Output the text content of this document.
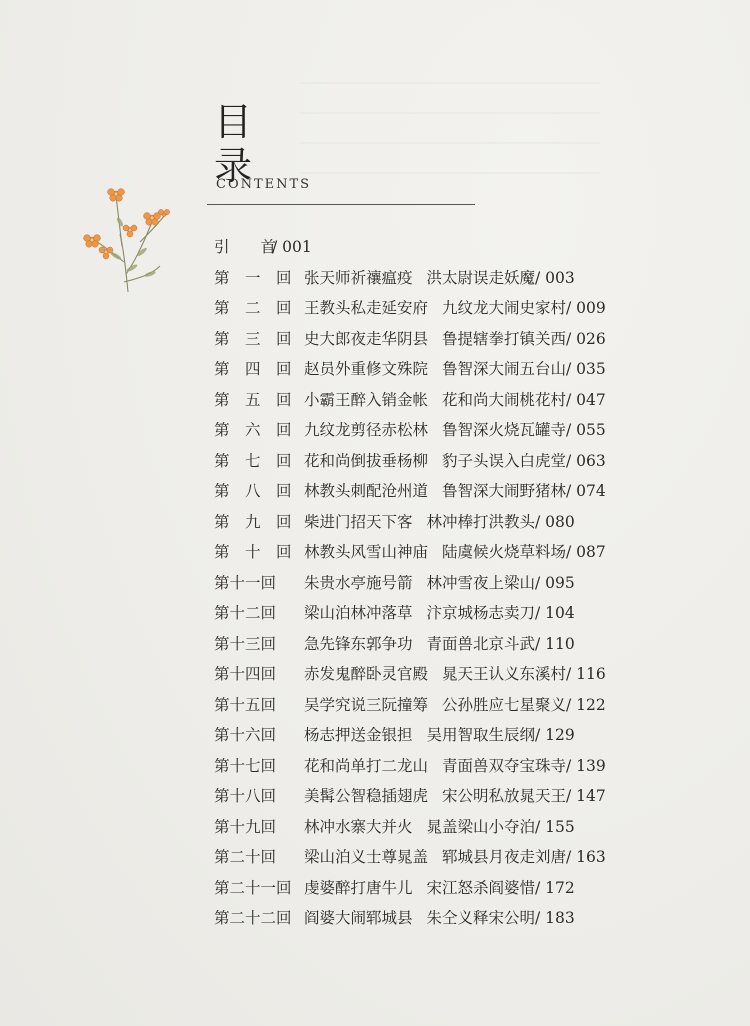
目
录
CONTENTS
引　　首/ 001
第　一　回 张天师祈禳瘟疫 洪太尉误走妖魔/ 003
第　二　回 王教头私走延安府 九纹龙大闹史家村/ 009
第　三　回 史大郎夜走华阴县 鲁提辖拳打镇关西/ 026
第　四　回 赵员外重修文殊院 鲁智深大闹五台山/ 035
第　五　回 小霸王醉入销金帐 花和尚大闹桃花村/ 047
第　六　回 九纹龙剪径赤松林 鲁智深火烧瓦罐寺/ 055
第　七　回 花和尚倒拔垂杨柳 豹子头误入白虎堂/ 063
第　八　回 林教头刺配沧州道 鲁智深大闹野猪林/ 074
第　九　回 柴进门招天下客 林冲棒打洪教头/ 080
第　十　回 林教头风雪山神庙 陆虞候火烧草料场/ 087
第十一回 朱贵水亭施号箭 林冲雪夜上梁山/ 095
第十二回 梁山泊林冲落草 汴京城杨志卖刀/ 104
第十三回 急先锋东郭争功 青面兽北京斗武/ 110
第十四回 赤发鬼醉卧灵官殿 晁天王认义东溪村/ 116
第十五回 吴学究说三阮撞筹 公孙胜应七星聚义/ 122
第十六回 杨志押送金银担 吴用智取生辰纲/ 129
第十七回 花和尚单打二龙山 青面兽双夺宝珠寺/ 139
第十八回 美髯公智稳插翅虎 宋公明私放晁天王/ 147
第十九回 林冲水寨大并火 晁盖梁山小夺泊/ 155
第二十回 梁山泊义士尊晁盖 郓城县月夜走刘唐/ 163
第二十一回 虔婆醉打唐牛儿 宋江怒杀阎婆惜/ 172
第二十二回 阎婆大闹郓城县 朱仝义释宋公明/ 183
